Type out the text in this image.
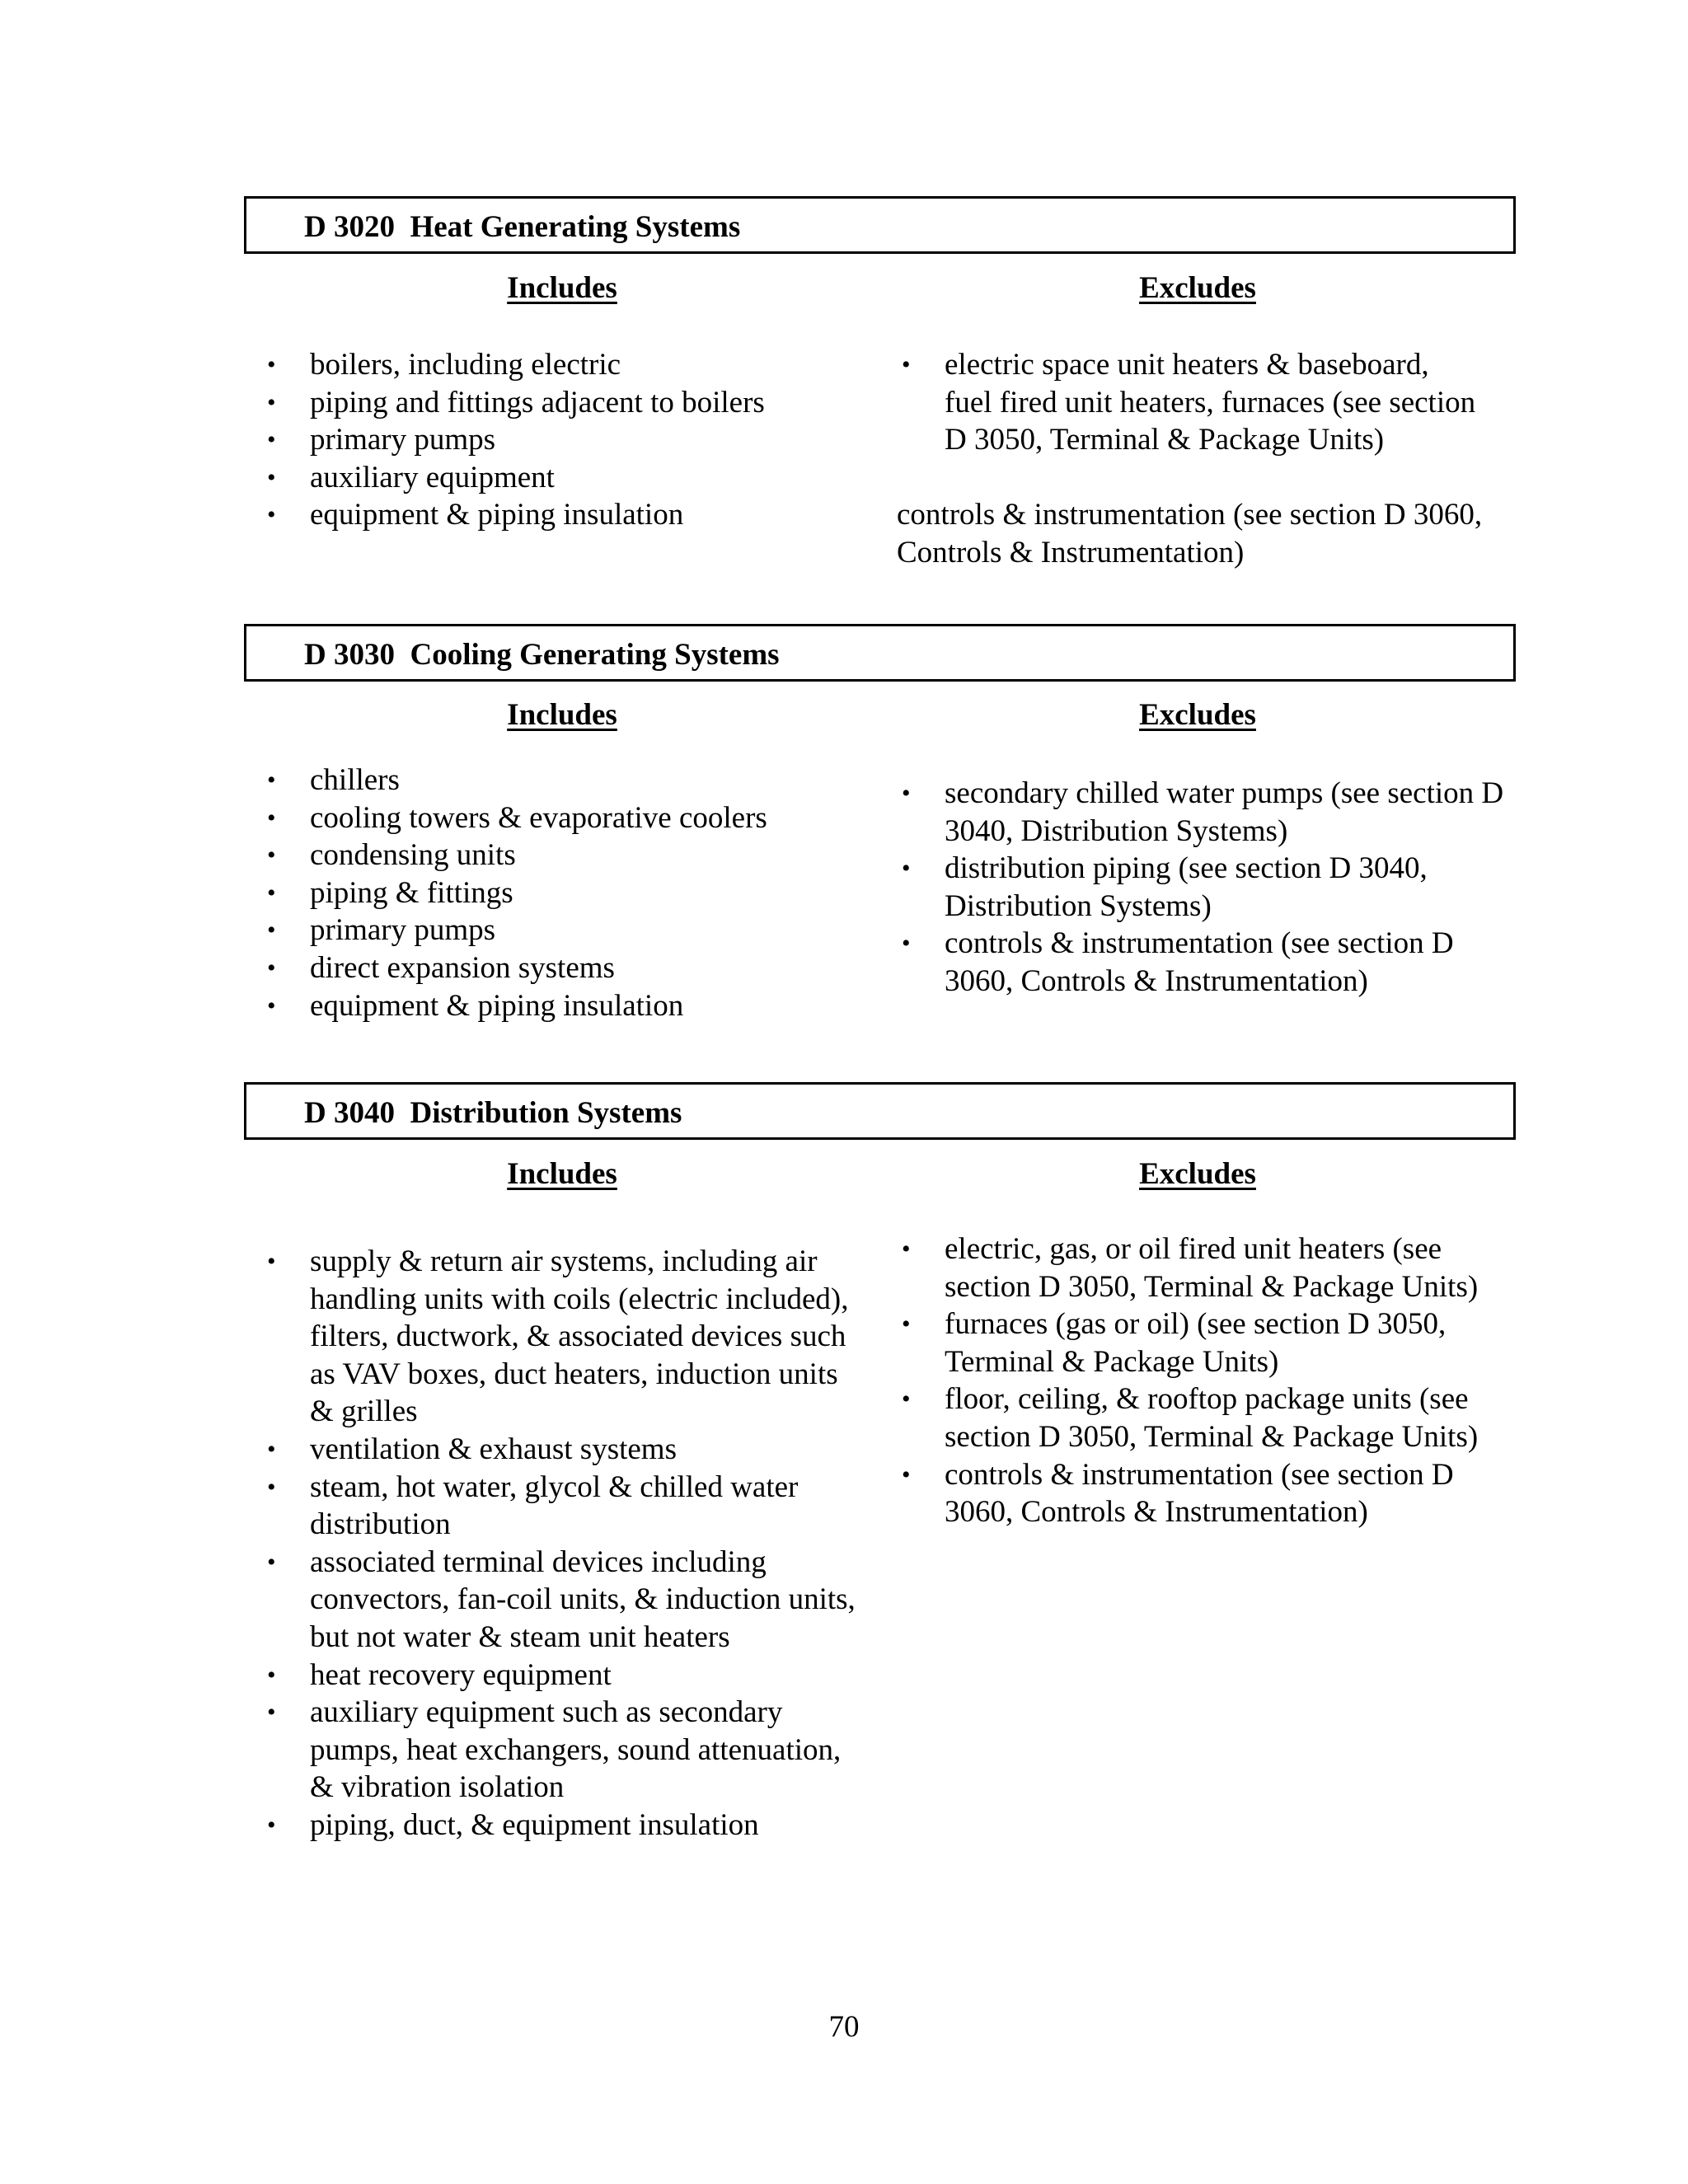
D 3020  Heat Generating Systems
Includes	Excludes
• boilers, including electric
• piping and fittings adjacent to boilers
• primary pumps
• auxiliary equipment
• equipment & piping insulation
• electric space unit heaters & baseboard, fuel fired unit heaters, furnaces (see section D 3050, Terminal & Package Units)
controls & instrumentation (see section D 3060, Controls & Instrumentation)
D 3030  Cooling Generating Systems
Includes	Excludes
• chillers
• cooling towers & evaporative coolers
• condensing units
• piping & fittings
• primary pumps
• direct expansion systems
• equipment & piping insulation
• secondary chilled water pumps (see section D 3040, Distribution Systems)
• distribution piping (see section D 3040, Distribution Systems)
• controls & instrumentation (see section D 3060, Controls & Instrumentation)
D 3040  Distribution Systems
Includes	Excludes
• supply & return air systems, including air handling units with coils (electric included), filters, ductwork, & associated devices such as VAV boxes, duct heaters, induction units & grilles
• ventilation & exhaust systems
• steam, hot water, glycol & chilled water distribution
• associated terminal devices including convectors, fan-coil units, & induction units, but not water & steam unit heaters
• heat recovery equipment
• auxiliary equipment such as secondary pumps, heat exchangers, sound attenuation, & vibration isolation
• piping, duct, & equipment insulation
• electric, gas, or oil fired unit heaters (see section D 3050, Terminal & Package Units)
• furnaces (gas or oil) (see section D 3050, Terminal & Package Units)
• floor, ceiling, & rooftop package units (see section D 3050, Terminal & Package Units)
• controls & instrumentation (see section D 3060, Controls & Instrumentation)
70
